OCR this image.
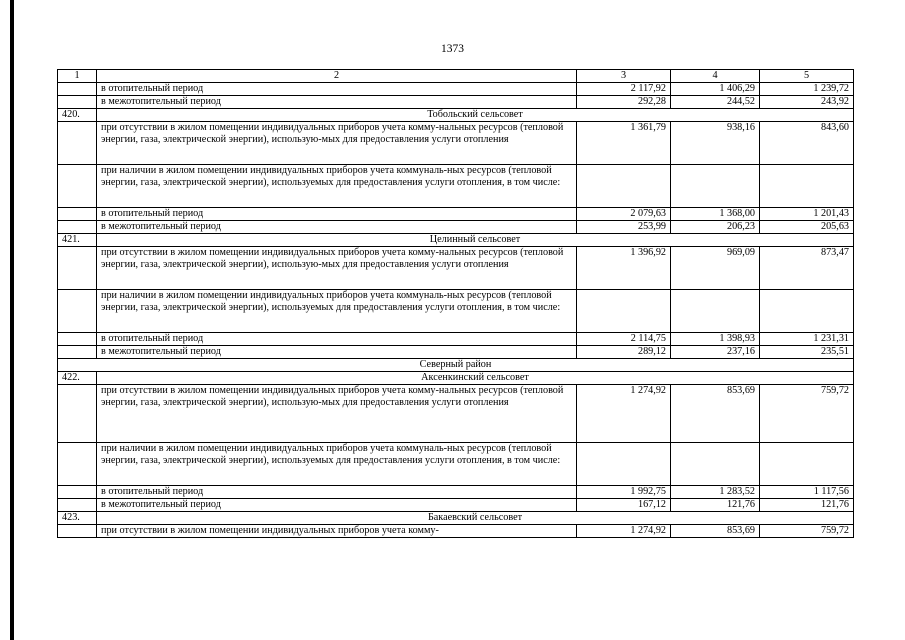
1373
1	2	3	4	5
	в отопительный период	2 117,92	1 406,29	1 239,72
	в межотопительный период	292,28	244,52	243,92
420.	Тобольский сельсовет			
	при отсутствии в жилом помещении индивидуальных приборов учета комму-нальных ресурсов (тепловой энергии, газа, электрической энергии), использую-мых для предоставления услуги отопления	1 361,79	938,16	843,60
	при наличии в жилом помещении индивидуальных приборов учета коммуналь-ных ресурсов (тепловой энергии, газа, электрической энергии), используемых для предоставления услуги отопления, в том числе:			
	в отопительный период	2 079,63	1 368,00	1 201,43
	в межотопительный период	253,99	206,23	205,63
421.	Целинный сельсовет			
	при отсутствии в жилом помещении индивидуальных приборов учета комму-нальных ресурсов (тепловой энергии, газа, электрической энергии), использую-мых для предоставления услуги отопления	1 396,92	969,09	873,47
	при наличии в жилом помещении индивидуальных приборов учета коммуналь-ных ресурсов (тепловой энергии, газа, электрической энергии), используемых для предоставления услуги отопления, в том числе:			
	в отопительный период	2 114,75	1 398,93	1 231,31
	в межотопительный период	289,12	237,16	235,51
Северный район				
422.	Аксенкинский сельсовет			
	при отсутствии в жилом помещении индивидуальных приборов учета комму-нальных ресурсов (тепловой энергии, газа, электрической энергии), использую-мых для предоставления услуги отопления	1 274,92	853,69	759,72
	при наличии в жилом помещении индивидуальных приборов учета коммуналь-ных ресурсов (тепловой энергии, газа, электрической энергии), используемых для предоставления услуги отопления, в том числе:			
	в отопительный период	1 992,75	1 283,52	1 117,56
	в межотопительный период	167,12	121,76	121,76
423.	Бакаевский сельсовет			
	при отсутствии в жилом помещении индивидуальных приборов учета комму-	1 274,92	853,69	759,72
